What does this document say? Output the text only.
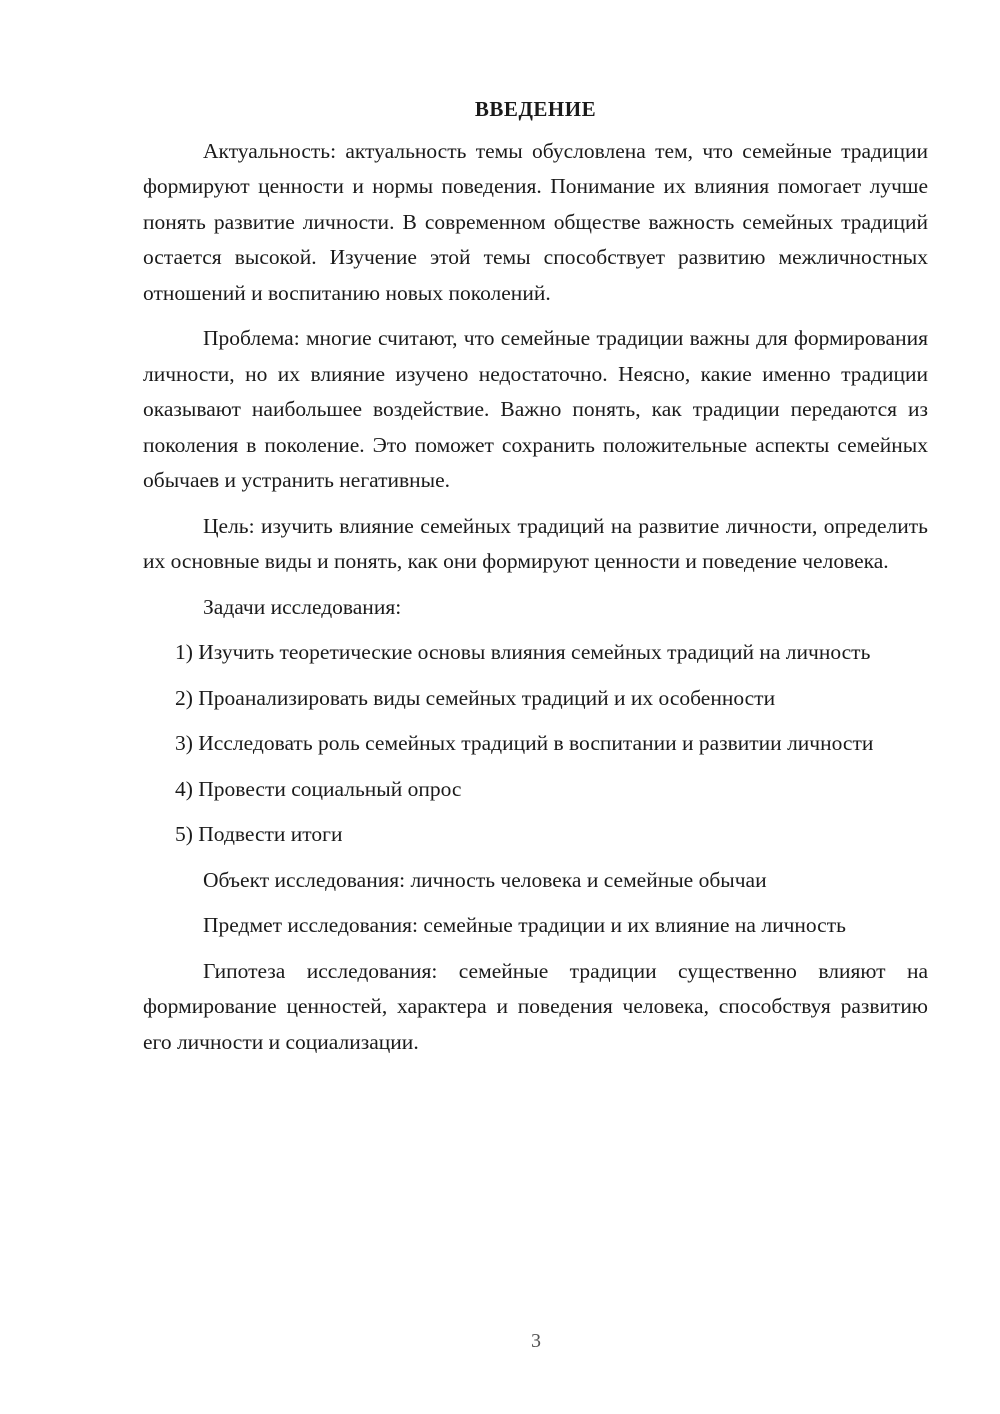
ВВЕДЕНИЕ

Актуальность: актуальность темы обусловлена тем, что семейные традиции формируют ценности и нормы поведения. Понимание их влияния помогает лучше понять развитие личности. В современном обществе важность семейных традиций остается высокой. Изучение этой темы способствует развитию межличностных отношений и воспитанию новых поколений.

Проблема: многие считают, что семейные традиции важны для формирования личности, но их влияние изучено недостаточно. Неясно, какие именно традиции оказывают наибольшее воздействие. Важно понять, как традиции передаются из поколения в поколение. Это поможет сохранить положительные аспекты семейных обычаев и устранить негативные.

Цель: изучить влияние семейных традиций на развитие личности, определить их основные виды и понять, как они формируют ценности и поведение человека.

Задачи исследования:

1) Изучить теоретические основы влияния семейных традиций на личность

2) Проанализировать виды семейных традиций и их особенности

3) Исследовать роль семейных традиций в воспитании и развитии личности

4) Провести социальный опрос

5) Подвести итоги

Объект исследования: личность человека и семейные обычаи

Предмет исследования: семейные традиции и их влияние на личность

Гипотеза исследования: семейные традиции существенно влияют на формирование ценностей, характера и поведения человека, способствуя развитию его личности и социализации.

3
